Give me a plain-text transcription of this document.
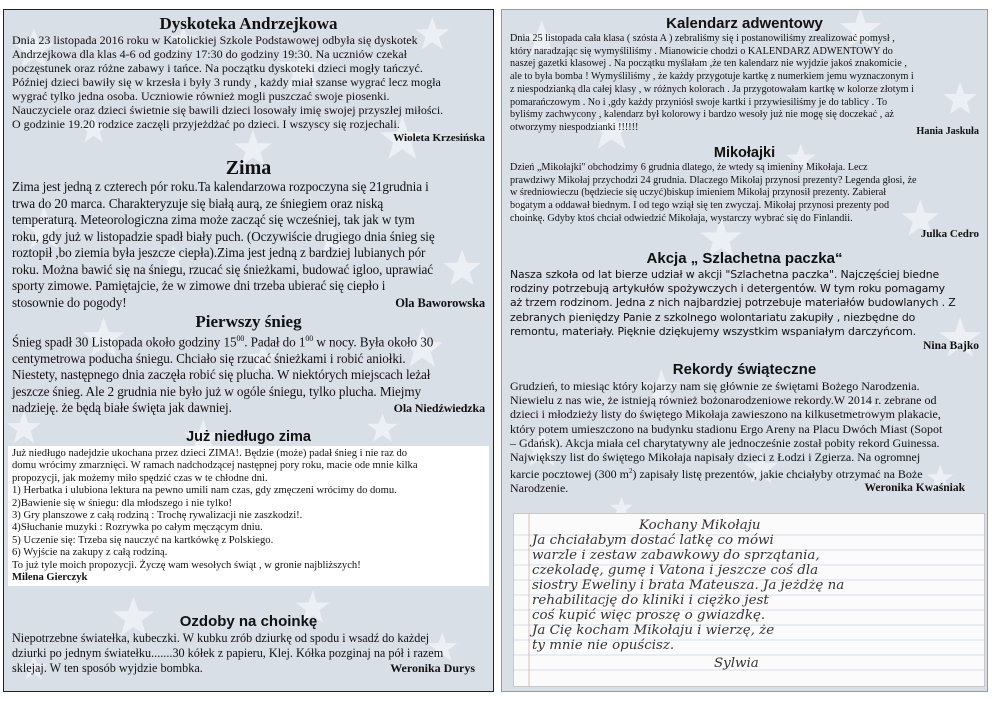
Dyskoteka Andrzejkowa

Dnia 23 listopada 2016 roku w Katolickiej Szkole Podstawowej odbyła się dyskotek

Andrzejkowa dla klas 4-6 od godziny 17:30 do godziny 19:30. Na uczniów czekał

poczęstunek oraz różne zabawy i tańce. Na początku dyskoteki dzieci mogły tańczyć.

Później dzieci bawiły się w krzesła i były 3 rundy , każdy miał szanse wygrać lecz mogła

wygrać tylko jedna osoba. Uczniowie również mogli puszczać swoje piosenki.

Nauczyciele oraz dzieci świetnie się bawili dzieci losowały imię swojej przyszłej miłości.

O godzinie 19.20 rodzice zaczęli przyjeżdżać po dzieci. I wszyscy się rozjechali.

Wioleta Krzesińska

Zima

Zima jest jedną z czterech pór roku.Ta kalendarzowa rozpoczyna się 21grudnia i

trwa do 20 marca. Charakteryzuje się białą aurą, ze śniegiem oraz niską

temperaturą. Meteorologiczna zima może zacząć się wcześniej, tak jak w tym

roku, gdy już w listopadzie spadł biały puch. (Oczywiście drugiego dnia śnieg się

roztopił ,bo ziemia była jeszcze ciepła).Zima jest jedną z bardziej lubianych pór

roku. Można bawić się na śniegu, rzucać się śnieżkami, budować igloo, uprawiać

sporty zimowe. Pamiętajcie, że w zimowe dni trzeba ubierać się ciepło i

stosownie do pogody!	Ola Baworowska
Pierwszy śnieg

Śnieg spadł 30 Listopada około godziny $15^{00}$. Padał do $1^{00}$ w nocy. Była około 30

centymetrowa poducha śniegu. Chciało się rzucać śnieżkami i robić aniołki.

Niestety, następnego dnia zaczęła robić się plucha. W niektórych miejscach leżał

jeszcze śnieg. Ale 2 grudnia nie było już w ogóle śniegu, tylko plucha. Miejmy

nadzieję. że będą białe święta jak dawniej.	Ola Niedźwiedzka
Już niedługo zima

Już niedługo nadejdzie ukochana przez dzieci ZIMA!. Będzie (może) padał śnieg i nie raz do

domu wrócimy zmarznięci. W ramach nadchodzącej następnej pory roku, macie ode mnie kilka

propozycji, jak możemy miło spędzić czas w te chłodne dni.

1) Herbatka i ulubiona lektura na pewno umili nam czas, gdy zmęczeni wrócimy do domu.

2)Bawienie się w śniegu: dla młodszego i nie tylko!

3) Gry planszowe z całą rodziną : Trochę rywalizacji nie zaszkodzi!.

4)Słuchanie muzyki : Rozrywka po całym męczącym dniu.

5) Uczenie się: Trzeba się nauczyć na kartkówkę z Polskiego.

6) Wyjście na zakupy z całą rodziną.

To już tyle moich propozycji. Życzę wam wesołych świąt , w gronie najbliższych!

Milena Gierczyk

Ozdoby na choinkę

Niepotrzebne światełka, kubeczki. W kubku zrób dziurkę od spodu i wsadź do każdej

dziurki po jednym światełku.......30 kółek z papieru, Klej. Kółka pozginaj na pół i razem

sklejaj. W ten sposób wyjdzie bombka.	Weronika Durys
Kalendarz adwentowy

Dnia 25 listopada cała klasa ( szósta A ) zebraliśmy się i postanowiliśmy zrealizować pomysł ,

który naradzając się wymyśliliśmy . Mianowicie chodzi o KALENDARZ ADWENTOWY do

naszej gazetki klasowej . Na początku myślałam ,że ten kalendarz nie wyjdzie jakoś znakomicie ,

ale to była bomba ! Wymyśliliśmy , że każdy przygotuje kartkę z numerkiem jemu wyznaczonym i

z niespodzianką dla całej klasy , w różnych kolorach . Ja przygotowałam kartkę w kolorze złotym i

pomarańczowym . No i ,gdy każdy przyniósł swoje kartki i przywiesiliśmy je do tablicy . To

byliśmy zachwycony , kalendarz był kolorowy i bardzo wesoły już nie mogę się doczekać , aż

otworzymy niespodzianki !!!!!!	Hania Jaskuła
Mikołajki

Dzień „Mikołajki'' obchodzimy 6 grudnia dlatego, że wtedy są imieniny Mikołaja. Lecz

prawdziwy Mikołaj przychodzi 24 grudnia. Dlaczego Mikołaj przynosi prezenty? Legenda głosi, że

w średniowieczu (będziecie się uczyć)biskup imieniem Mikołaj przynosił prezenty. Zabierał

bogatym a oddawał biednym. I od tego wziął się ten zwyczaj. Mikołaj przynosi prezenty pod

choinkę. Gdyby ktoś chciał odwiedzić Mikołaja, wystarczy wybrać się do Finlandii.

Julka Cedro

Akcja „ Szlachetna paczka“

Nasza szkoła od lat bierze udział w akcji "Szlachetna paczka". Najczęściej biedne

rodziny potrzebują artykułów spożywczych i detergentów. W tym roku pomagamy

aż trzem rodzinom. Jedna z nich najbardziej potrzebuje materiałów budowlanych . Z

zebranych pieniędzy Panie z szkolnego wolontariatu zakupiły , niezbędne do

remontu, materiały. Pięknie dziękujemy wszystkim wspaniałym darczyńcom.

Nina Bajko

Rekordy świąteczne

Grudzień, to miesiąc który kojarzy nam się głównie ze świętami Bożego Narodzenia.

Niewielu z nas wie, że istnieją również bożonarodzeniowe rekordy.W 2014 r. zebrane od

dzieci i młodzieży listy do świętego Mikołaja zawieszono na kilkusetmetrowym plakacie,

który potem umieszczono na budynku stadionu Ergo Areny na Placu Dwóch Miast (Sopot

– Gdańsk). Akcja miała cel charytatywny ale jednocześnie został pobity rekord Guinessa.

Największy list do świętego Mikołaja napisały dzieci z Łodzi i Zgierza. Na ogromnej

karcie pocztowej (300 $m^2$) zapisały listę prezentów, jakie chciałyby otrzymać na Boże

Narodzenie.	Weronika Kwaśniak

Kochany Mikołaju

Ja chciałabym dostać latkę co mówi

warzle i zestaw zabawkowy do sprzątania,

czekoladę, gumę i Vatona i jeszcze coś dla

siostry Eweliny i brata Mateusza. Ja jeżdżę na

rehabilitację do kliniki i ciężko jest

coś kupić więc proszę o gwiazdkę.

Ja Cię kocham Mikołaju i wierzę, że

ty mnie nie opuścisz.

Sylwia
